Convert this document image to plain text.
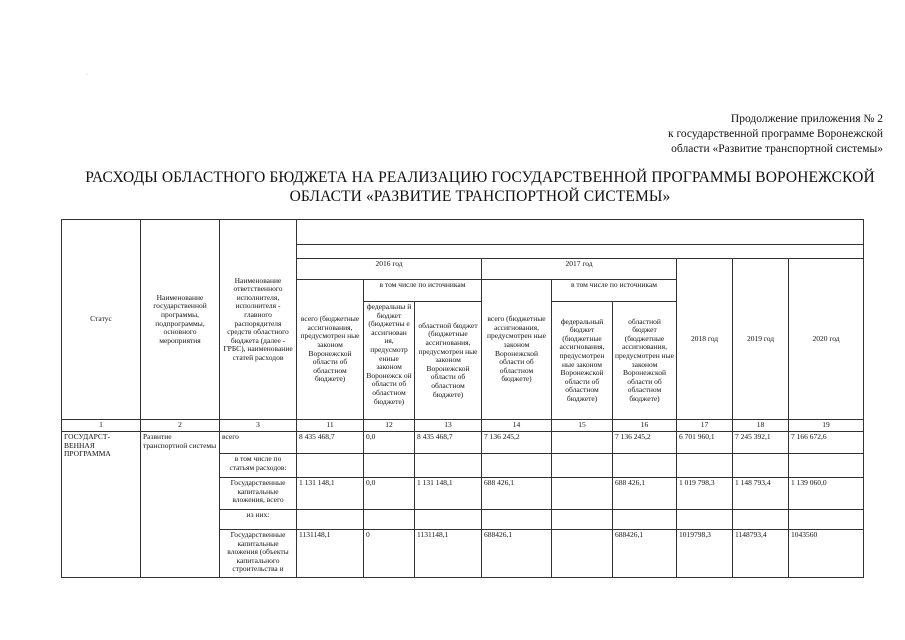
·
Продолжение приложения № 2
к государственной программе Воронежской
области «Развитие транспортной системы»
РАСХОДЫ ОБЛАСТНОГО БЮДЖЕТА НА РЕАЛИЗАЦИЮ ГОСУДАРСТВЕННОЙ ПРОГРАММЫ ВОРОНЕЖСКОЙ
ОБЛАСТИ «РАЗВИТИЕ ТРАНСПОРТНОЙ СИСТЕМЫ»
Статус	Наименование государственной программы, подпрограммы, основного мероприятия	Наименование ответственного исполнителя, исполнителя - главного распорядителя средств областного бюджета (далее - ГРБС), наименование статей расходов									

			2016 год			2017 год			2018 год	2019 год	2020 год
			всего (бюджетные ассигнования, предусмотрен ные законом Воронежской области об областном бюджете)	в том числе по источникам		всего (бюджетные ассигнования, предусмотрен ные законом Воронежской области об областном бюджете)	в том числе по источникам				
				федеральны й бюджет (бюджетны е ассигнован ия, предусмотр енные законом Воронежск ой области об областном бюджете)	областной бюджет (бюджетные ассигнования, предусмотрен ные законом Воронежской области об областном бюджете)		федеральный бюджет (бюджетные ассигнования, предусмотрен ные законом Воронежской области об областном бюджете)	областной бюджет (бюджетные ассигнования, предусмотрен ные законом Воронежской области об областном бюджете)			

1	2	3	11	12	13	14	15	16	17	18	19
ГОСУДАРСТ-ВЕННАЯ ПРОГРАММА	Развитие транспортной системы	всего	8 435 468,7	0,0	8 435 468,7	7 136 245,2		7 136 245,2	6 701 960,1	7 245 392,1	7 166 672,6
		в том числе по статьям расходов:									
		Государственные капитальные вложения, всего	1 131 148,1	0,0	1 131 148,1	688 426,1		688 426,1	1 019 798,3	1 148 793,4	1 139 060,0
		из них:									
		Государственные капитальные вложения (объекты капитального строительства и	1131148,1	0	1131148,1	688426,1		688426,1	1019798,3	1148793,4	1043560
